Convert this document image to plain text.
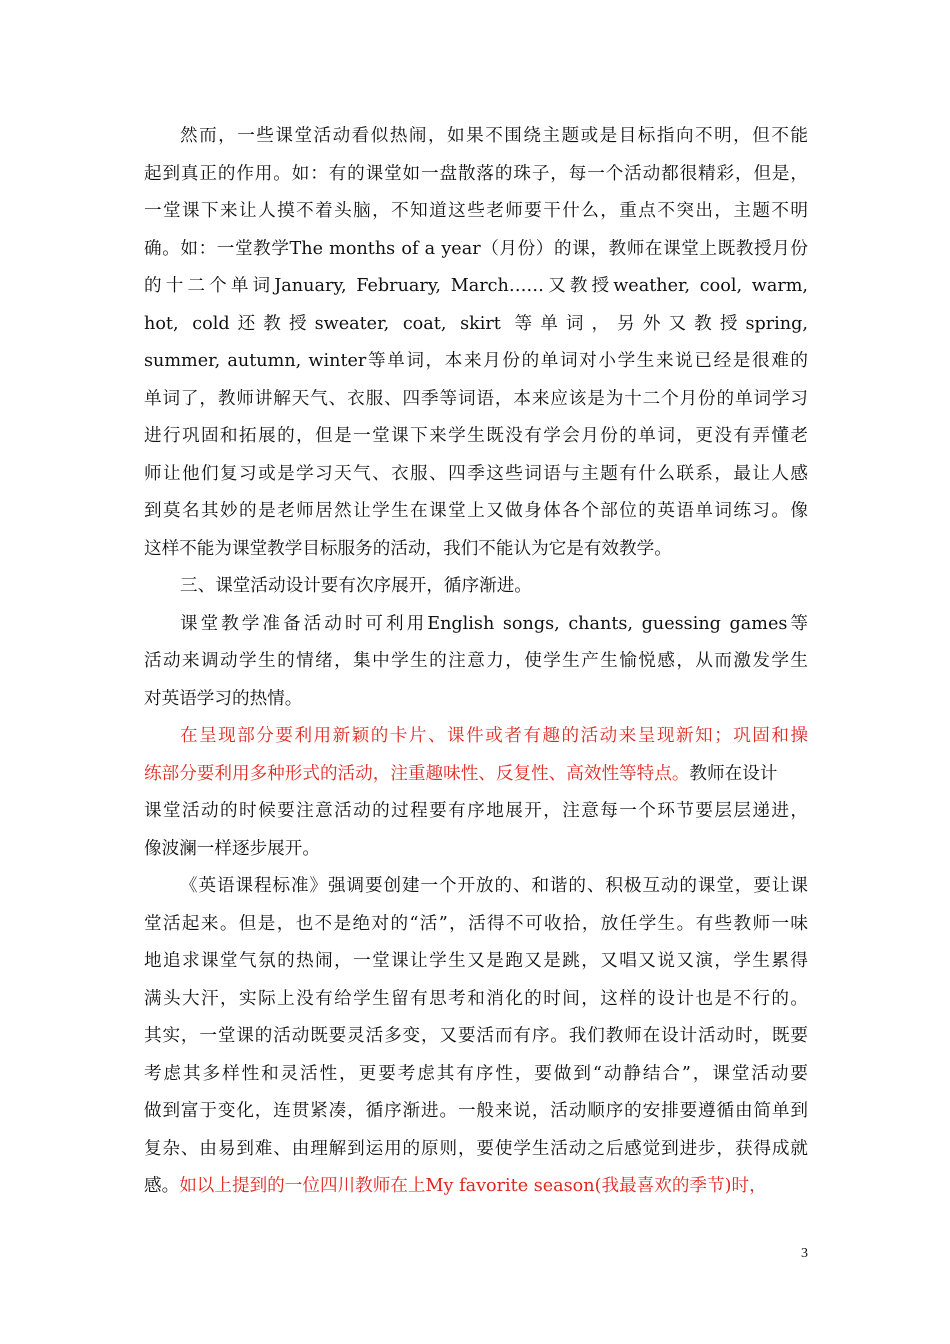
然而，一些课堂活动看似热闹，如果不围绕主题或是目标指向不明，但不能
起到真正的作用。如：有的课堂如一盘散落的珠子，每一个活动都很精彩，但是，
一堂课下来让人摸不着头脑，不知道这些老师要干什么，重点不突出，主题不明
确。如：一堂教学The months of a year（月份）的课，教师在课堂上既教授月份
的十二个单词January, February, March……又教授weather, cool, warm,
hot, cold还教授sweater, coat, skirt 等单词，另外又教授spring,
summer, autumn, winter等单词，本来月份的单词对小学生来说已经是很难的
单词了，教师讲解天气、衣服、四季等词语，本来应该是为十二个月份的单词学习
进行巩固和拓展的，但是一堂课下来学生既没有学会月份的单词，更没有弄懂老
师让他们复习或是学习天气、衣服、四季这些词语与主题有什么联系，最让人感
到莫名其妙的是老师居然让学生在课堂上又做身体各个部位的英语单词练习。像
这样不能为课堂教学目标服务的活动，我们不能认为它是有效教学。
三、课堂活动设计要有次序展开，循序渐进。
课堂教学准备活动时可利用English songs, chants, guessing games等
活动来调动学生的情绪，集中学生的注意力，使学生产生愉悦感，从而激发学生
对英语学习的热情。
在呈现部分要利用新颖的卡片、课件或者有趣的活动来呈现新知；巩固和操
练部分要利用多种形式的活动，注重趣味性、反复性、高效性等特点。教师在设计
课堂活动的时候要注意活动的过程要有序地展开，注意每一个环节要层层递进，
像波澜一样逐步展开。
《英语课程标准》强调要创建一个开放的、和谐的、积极互动的课堂，要让课
堂活起来。但是，也不是绝对的“活”，活得不可收拾，放任学生。有些教师一味
地追求课堂气氛的热闹，一堂课让学生又是跑又是跳，又唱又说又演，学生累得
满头大汗，实际上没有给学生留有思考和消化的时间，这样的设计也是不行的。
其实，一堂课的活动既要灵活多变，又要活而有序。我们教师在设计活动时，既要
考虑其多样性和灵活性，更要考虑其有序性，要做到“动静结合”，课堂活动要
做到富于变化，连贯紧凑，循序渐进。一般来说，活动顺序的安排要遵循由简单到
复杂、由易到难、由理解到运用的原则，要使学生活动之后感觉到进步，获得成就
感。如以上提到的一位四川教师在上My favorite season(我最喜欢的季节)时，
3
